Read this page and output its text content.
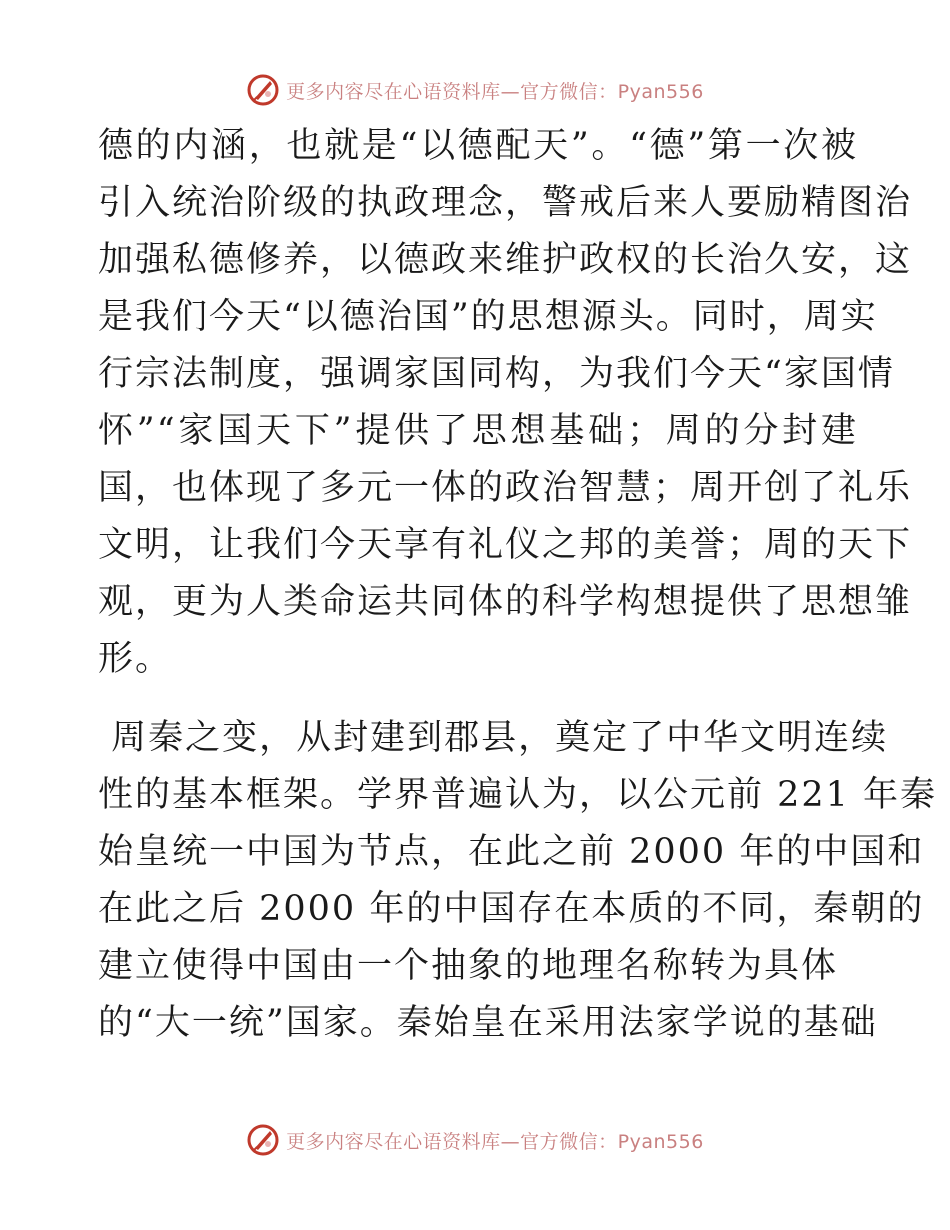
更多内容尽在心语资料库—官方微信：Pyan556
德的内涵，也就是“以德配天”。“德”第一次被
引入统治阶级的执政理念，警戒后来人要励精图治
加强私德修养，以德政来维护政权的长治久安，这
是我们今天“以德治国”的思想源头。同时，周实
行宗法制度，强调家国同构，为我们今天“家国情
怀”“家国天下”提供了思想基础；周的分封建
国，也体现了多元一体的政治智慧；周开创了礼乐
文明，让我们今天享有礼仪之邦的美誉；周的天下
观，更为人类命运共同体的科学构想提供了思想雏
形。
周秦之变，从封建到郡县，奠定了中华文明连续
性的基本框架。学界普遍认为，以公元前 221 年秦
始皇统一中国为节点，在此之前 2000 年的中国和
在此之后 2000 年的中国存在本质的不同，秦朝的
建立使得中国由一个抽象的地理名称转为具体
的“大一统”国家。秦始皇在采用法家学说的基础
更多内容尽在心语资料库—官方微信：Pyan556
